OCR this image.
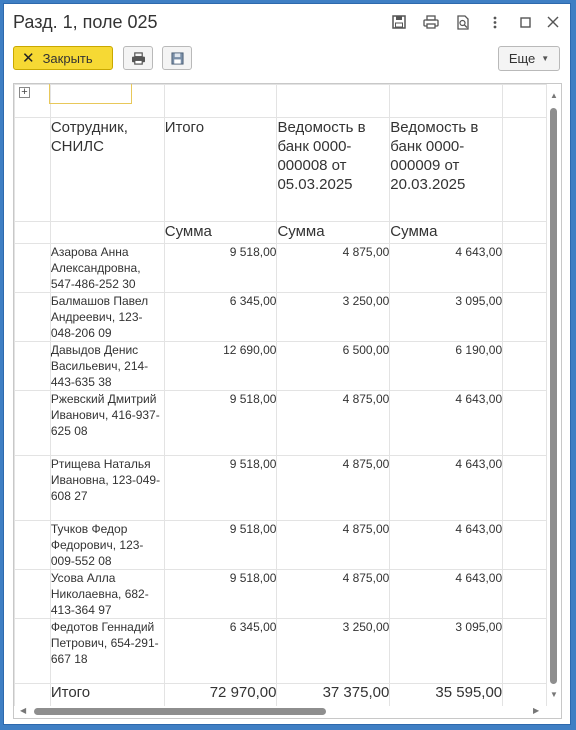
Разд. 1, поле 025
✕ Закрыть	Еще ▼

	Сотрудник, СНИЛС	Итого	Ведомость в банк 0000-000008 от 05.03.2025	Ведомость в банк 0000-000009 от 20.03.2025	
		Сумма	Сумма	Сумма	
	Азарова Анна Александровна, 547-486-252 30	9 518,00	4 875,00	4 643,00	
	Балмашов Павел Андреевич, 123-048-206 09	6 345,00	3 250,00	3 095,00	
	Давыдов Денис Васильевич, 214-443-635 38	12 690,00	6 500,00	6 190,00	
	Ржевский Дмитрий Иванович, 416-937-625 08	9 518,00	4 875,00	4 643,00	
	Ртищева Наталья Ивановна, 123-049-608 27	9 518,00	4 875,00	4 643,00	
	Тучков Федор Федорович, 123-009-552 08	9 518,00	4 875,00	4 643,00	
	Усова Алла Николаевна, 682-413-364 97	9 518,00	4 875,00	4 643,00	
	Федотов Геннадий Петрович, 654-291-667 18	6 345,00	3 250,00	3 095,00	
	Итого	72 970,00	37 375,00	35 595,00	
+	▲
▼
◀	▶
